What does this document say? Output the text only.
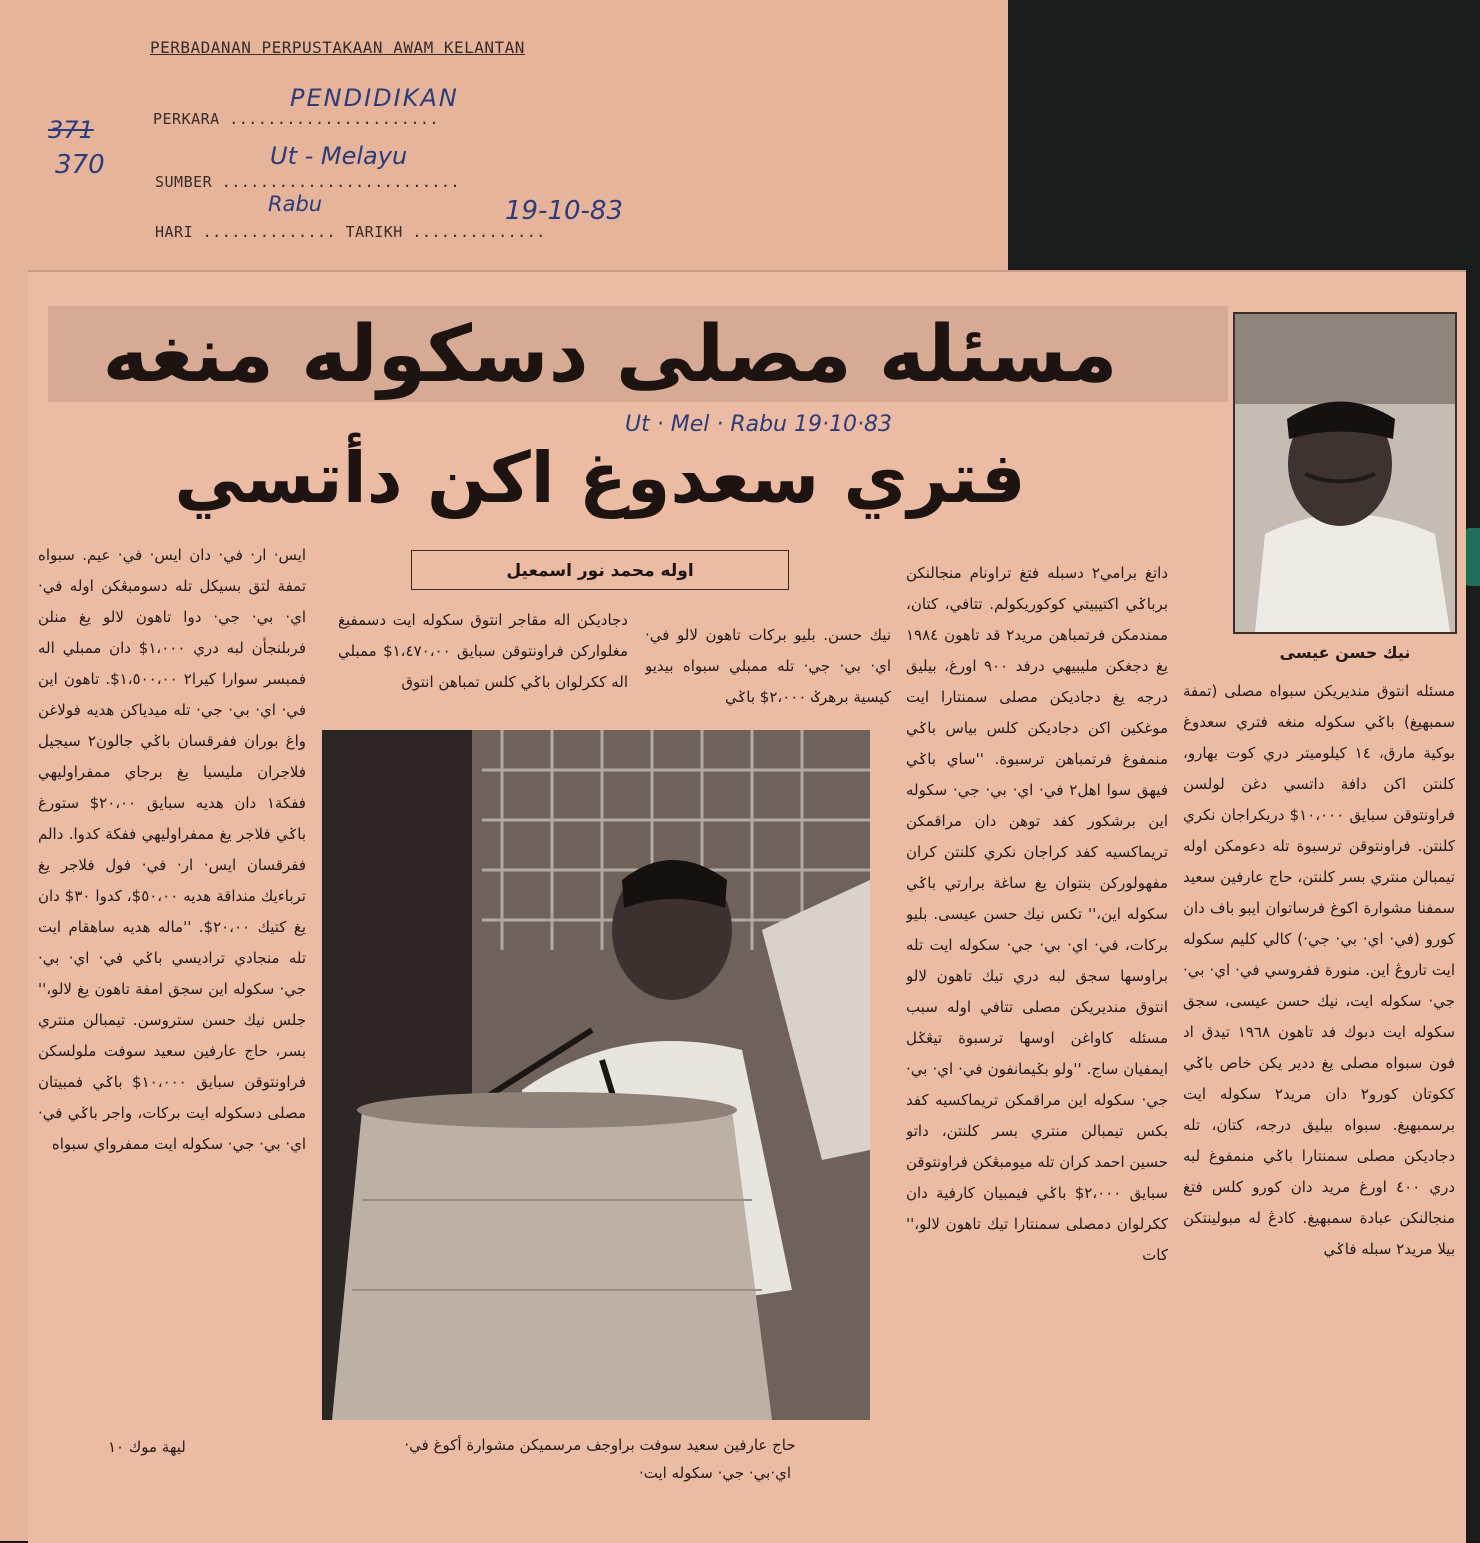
PERBADANAN PERPUSTAKAAN AWAM KELANTAN
371
370
PERKARA ......................
PENDIDIKAN
SUMBER .........................
Ut - Melayu
HARI .............. TARIKH ..............
Rabu	19-10-83
مسئله مصلى دسكوله منغه
فتري سعدوغ اكن دأتسي
Ut · Mel · Rabu 19·10·83
نيك حسن عيسى
اوله محمد نور اسمعيل
مسئله انتوق منديريكن سبواه مصلى (تمفة سمبهيغ) باݢي سكوله منغه فتري سعدوغ بوكية مارق، ١٤ كيلوميتر دري كوت بهارو، كلنتن اكن دافة داتسي دغن لولسن فراونتوقن سبايق ١٠،٠٠٠$ دريكراجان نكري كلنتن. فراونتوقن ترسبوة تله دعومكن اوله تيمبالن منتري بسر كلنتن، حاج عارفين سعيد سمفنا مشوارة اكوغ فرساتوان ايبو باف دان كورو (في· اي· بي· جي·) كالي كليم سكوله ايت تاروڠ اين. منورة ففروسي في· اي· بي· جي· سكوله ايت، نيك حسن عيسى، سجق سكوله ايت دبوك فد تاهون ١٩٦٨ تيدق اد فون سبواه مصلى يغ ددير يكن خاص باݢي ككوتان كورو٢ دان مريد٢ سكوله ايت برسمبهيغ. سبواه بيليق درجه، كتان، تله دجاديكن مصلى سمنتارا باݢي منمفوغ لبه دري ٤٠٠ اورغ مريد دان كورو كلس فتغ منجالنكن عبادة سمبهيغ. كادڠ له مبولينتكن بيلا مريد٢ سبله فاݢي
داتغ برامي٢ دسبله فتغ تراونام منجالنكن برباݢي اكتيبيتي كوكوريكولم. تتافي، كتان، ممندمكن فرتمباهن مريد٢ قد تاهون ١٩٨٤ يغ دجغكن مليبيهي درفد ٩٠٠ اورغ، بيليق درجه يغ دجاديكن مصلى سمنتارا ايت موغكين اكن دجاديكن كلس بياس باݢي منمفوغ فرتمباهن ترسبوة. ''ساي باݢي فيهق سوا اهل٢ في· اي· بي· جي· سكوله اين برشكور كفد توهن دان مراقمكن تريماكسيه كفد كراجان نكري كلنتن كران مفهولوركن بنتوان يغ ساغة برارتي باݢي سكوله اين،'' تكس نيك حسن عيسى. بليو بركات، في· اي· بي· جي· سكوله ايت تله براوسها سجق لبه دري تيك تاهون لالو انتوق منديريكن مصلى تتافي اوله سبب مسئله كاواغن اوسها ترسبوة تيڠݢل ايمفيان ساج. ''ولو بݢيمانفون في· اي· بي· جي· سكوله اين مراقمكن تريماكسيه كفد بكس تيمبالن منتري بسر كلنتن، داتو حسين احمد كران تله ميومبڠكن فراونتوقن سبايق ٢،٠٠٠$ باݢي فيمبيان كارفية دان ككرلوان دمصلى سمنتارا تيك تاهون لالو،'' كات
نيك حسن. بليو بركات تاهون لالو في· اي· بي· جي· تله ممبلي سبواه بيديو كيسية برهرݢ ٢،٠٠٠$ باݢي
دجاديكن اله مقاجر انتوق سكوله ايت دسمفيغ مغلواركن فراونتوقن سبايق ١،٤٧٠،٠٠$ ممبلي اله ككرلوان باݢي كلس تمباهن انتوق
ايس· ار· في· دان ايس· في· عيم. سبواه تمفة لتق بسيكل تله دسومبڠكن اوله في· اي· بي· جي· دوا تاهون لالو يغ منلن فربلنجأن لبه دري ١،٠٠٠$ دان ممبلي اله فمبسر سوارا كيرا٢ ١،٥٠٠،٠٠$. تاهون اين في· اي· بي· جي· تله ميدياكن هديه فولاغن واغ بوران ففرقسان باݢي جالون٢ سيجيل فلاجران مليسيا يغ برجاي ممفراوليهي ففكة١ دان هديه سبايق ٢٠،٠٠$ ستورغ باݢي فلاجر يغ ممفراوليهي ففكة كدوا. دالم ففرقسان ايس· ار· في· فول فلاجر يغ ترباءيك منداقة هديه ٥٠،٠٠$، كدوا ٣٠$ دان يغ كتيك ٢٠،٠٠$. ''ماله هديه ساهقام ايت تله منجادي تراديسي باݢي في· اي· بي· جي· سكوله اين سجق امفة تاهون يغ لالو،'' جلس نيك حسن ستروسن. تيمبالن منتري بسر، حاج عارفين سعيد سوفت ملولسكن فراونتوقن سبايق ١٠،٠٠٠$ باݢي فمبيتان مصلى دسكوله ايت بركات، واجر باݢي في· اي· بي· جي· سكوله ايت ممفرواي سبواه
حاج عارفين سعيد سوفت براوجف مرسميكن مشوارة أكوغ في·
اي·بي· جي· سكوله ايت·
ليهة موك ١٠
